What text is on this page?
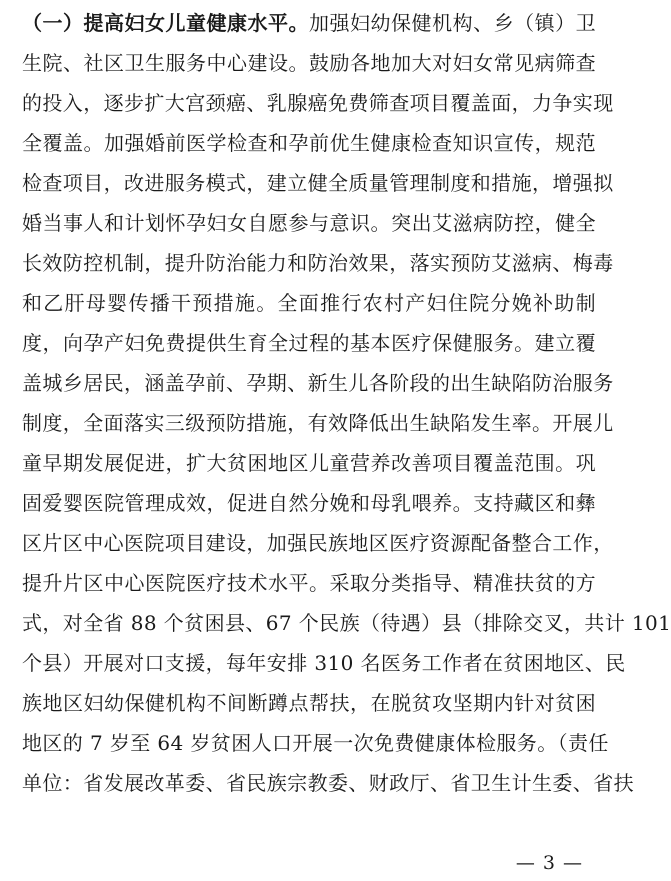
（一）提高妇女儿童健康水平。加强妇幼保健机构、乡（镇）卫
生院、社区卫生服务中心建设。鼓励各地加大对妇女常见病筛查
的投入，逐步扩大宫颈癌、乳腺癌免费筛查项目覆盖面，力争实现
全覆盖。加强婚前医学检查和孕前优生健康检查知识宣传，规范
检查项目，改进服务模式，建立健全质量管理制度和措施，增强拟
婚当事人和计划怀孕妇女自愿参与意识。突出艾滋病防控，健全
长效防控机制，提升防治能力和防治效果，落实预防艾滋病、梅毒
和乙肝母婴传播干预措施。全面推行农村产妇住院分娩补助制
度，向孕产妇免费提供生育全过程的基本医疗保健服务。建立覆
盖城乡居民，涵盖孕前、孕期、新生儿各阶段的出生缺陷防治服务
制度，全面落实三级预防措施，有效降低出生缺陷发生率。开展儿
童早期发展促进，扩大贫困地区儿童营养改善项目覆盖范围。巩
固爱婴医院管理成效，促进自然分娩和母乳喂养。支持藏区和彝
区片区中心医院项目建设，加强民族地区医疗资源配备整合工作，
提升片区中心医院医疗技术水平。采取分类指导、精准扶贫的方
式，对全省 88 个贫困县、67 个民族（待遇）县（排除交叉，共计 101
个县）开展对口支援，每年安排 310 名医务工作者在贫困地区、民
族地区妇幼保健机构不间断蹲点帮扶，在脱贫攻坚期内针对贫困
地区的 7 岁至 64 岁贫困人口开展一次免费健康体检服务。（责任
单位：省发展改革委、省民族宗教委、财政厅、省卫生计生委、省扶
— 3 —
